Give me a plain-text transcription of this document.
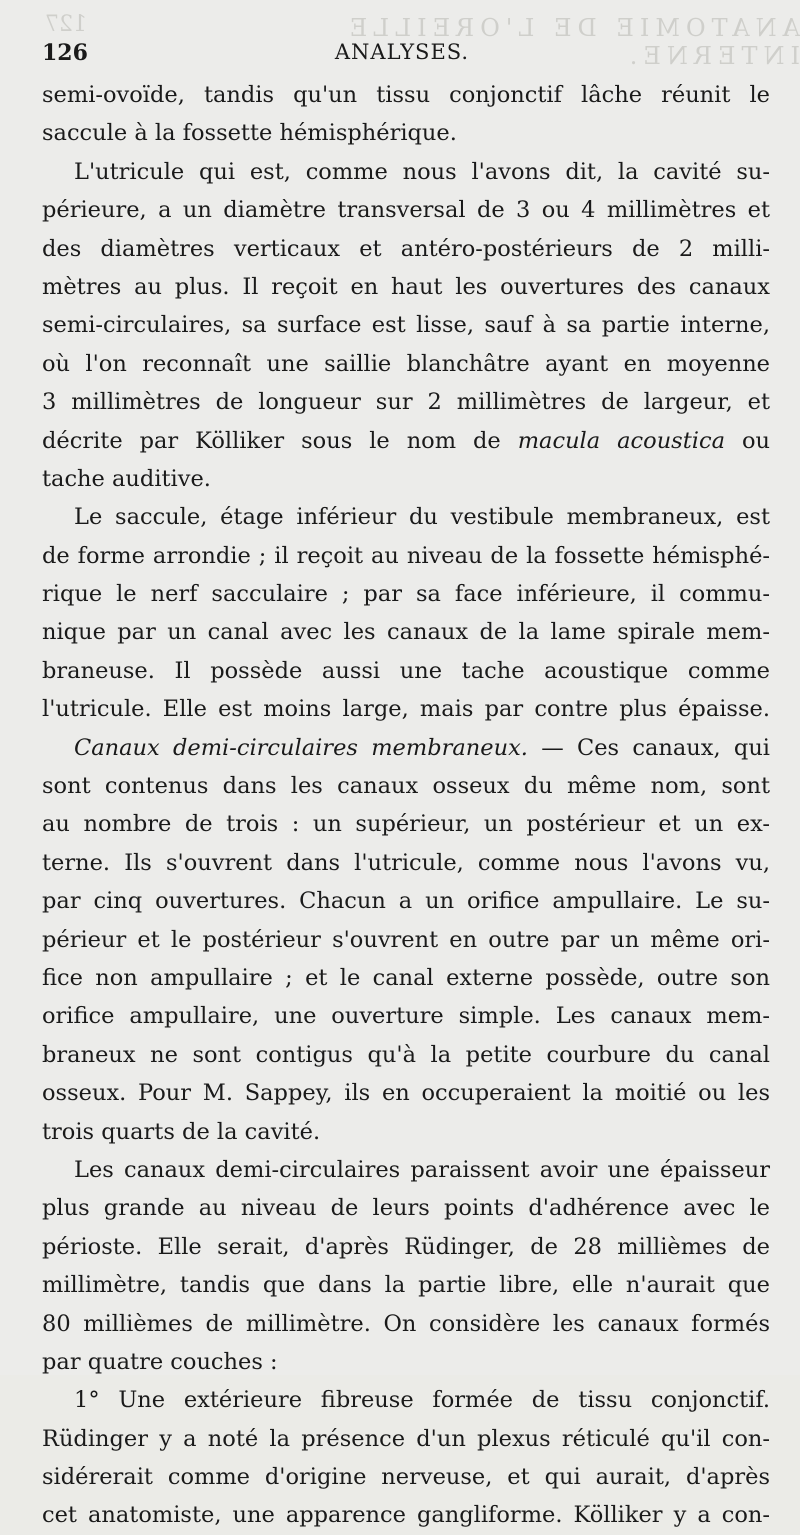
127	ANATOMIE DE L'OREILLE INTERNE.
126	ANALYSES.
semi-ovoïde, tandis qu'un tissu conjonctif lâche réunit le
saccule à la fossette hémisphérique.
L'utricule qui est, comme nous l'avons dit, la cavité su-
périeure, a un diamètre transversal de 3 ou 4 millimètres et
des diamètres verticaux et antéro-postérieurs de 2 milli-
mètres au plus. Il reçoit en haut les ouvertures des canaux
semi-circulaires, sa surface est lisse, sauf à sa partie interne,
où l'on reconnaît une saillie blanchâtre ayant en moyenne
3 millimètres de longueur sur 2 millimètres de largeur, et
décrite par Kölliker sous le nom de macula acoustica ou
tache auditive.
Le saccule, étage inférieur du vestibule membraneux, est
de forme arrondie ; il reçoit au niveau de la fossette hémisphé-
rique le nerf sacculaire ; par sa face inférieure, il commu-
nique par un canal avec les canaux de la lame spirale mem-
braneuse. Il possède aussi une tache acoustique comme
l'utricule. Elle est moins large, mais par contre plus épaisse.
Canaux demi-circulaires membraneux. — Ces canaux, qui
sont contenus dans les canaux osseux du même nom, sont
au nombre de trois : un supérieur, un postérieur et un ex-
terne. Ils s'ouvrent dans l'utricule, comme nous l'avons vu,
par cinq ouvertures. Chacun a un orifice ampullaire. Le su-
périeur et le postérieur s'ouvrent en outre par un même ori-
fice non ampullaire ; et le canal externe possède, outre son
orifice ampullaire, une ouverture simple. Les canaux mem-
braneux ne sont contigus qu'à la petite courbure du canal
osseux. Pour M. Sappey, ils en occuperaient la moitié ou les
trois quarts de la cavité.
Les canaux demi-circulaires paraissent avoir une épaisseur
plus grande au niveau de leurs points d'adhérence avec le
périoste. Elle serait, d'après Rüdinger, de 28 millièmes de
millimètre, tandis que dans la partie libre, elle n'aurait que
80 millièmes de millimètre. On considère les canaux formés
par quatre couches :
1° Une extérieure fibreuse formée de tissu conjonctif.
Rüdinger y a noté la présence d'un plexus réticulé qu'il con-
sidérerait comme d'origine nerveuse, et qui aurait, d'après
cet anatomiste, une apparence gangliforme. Kölliker y a con-
